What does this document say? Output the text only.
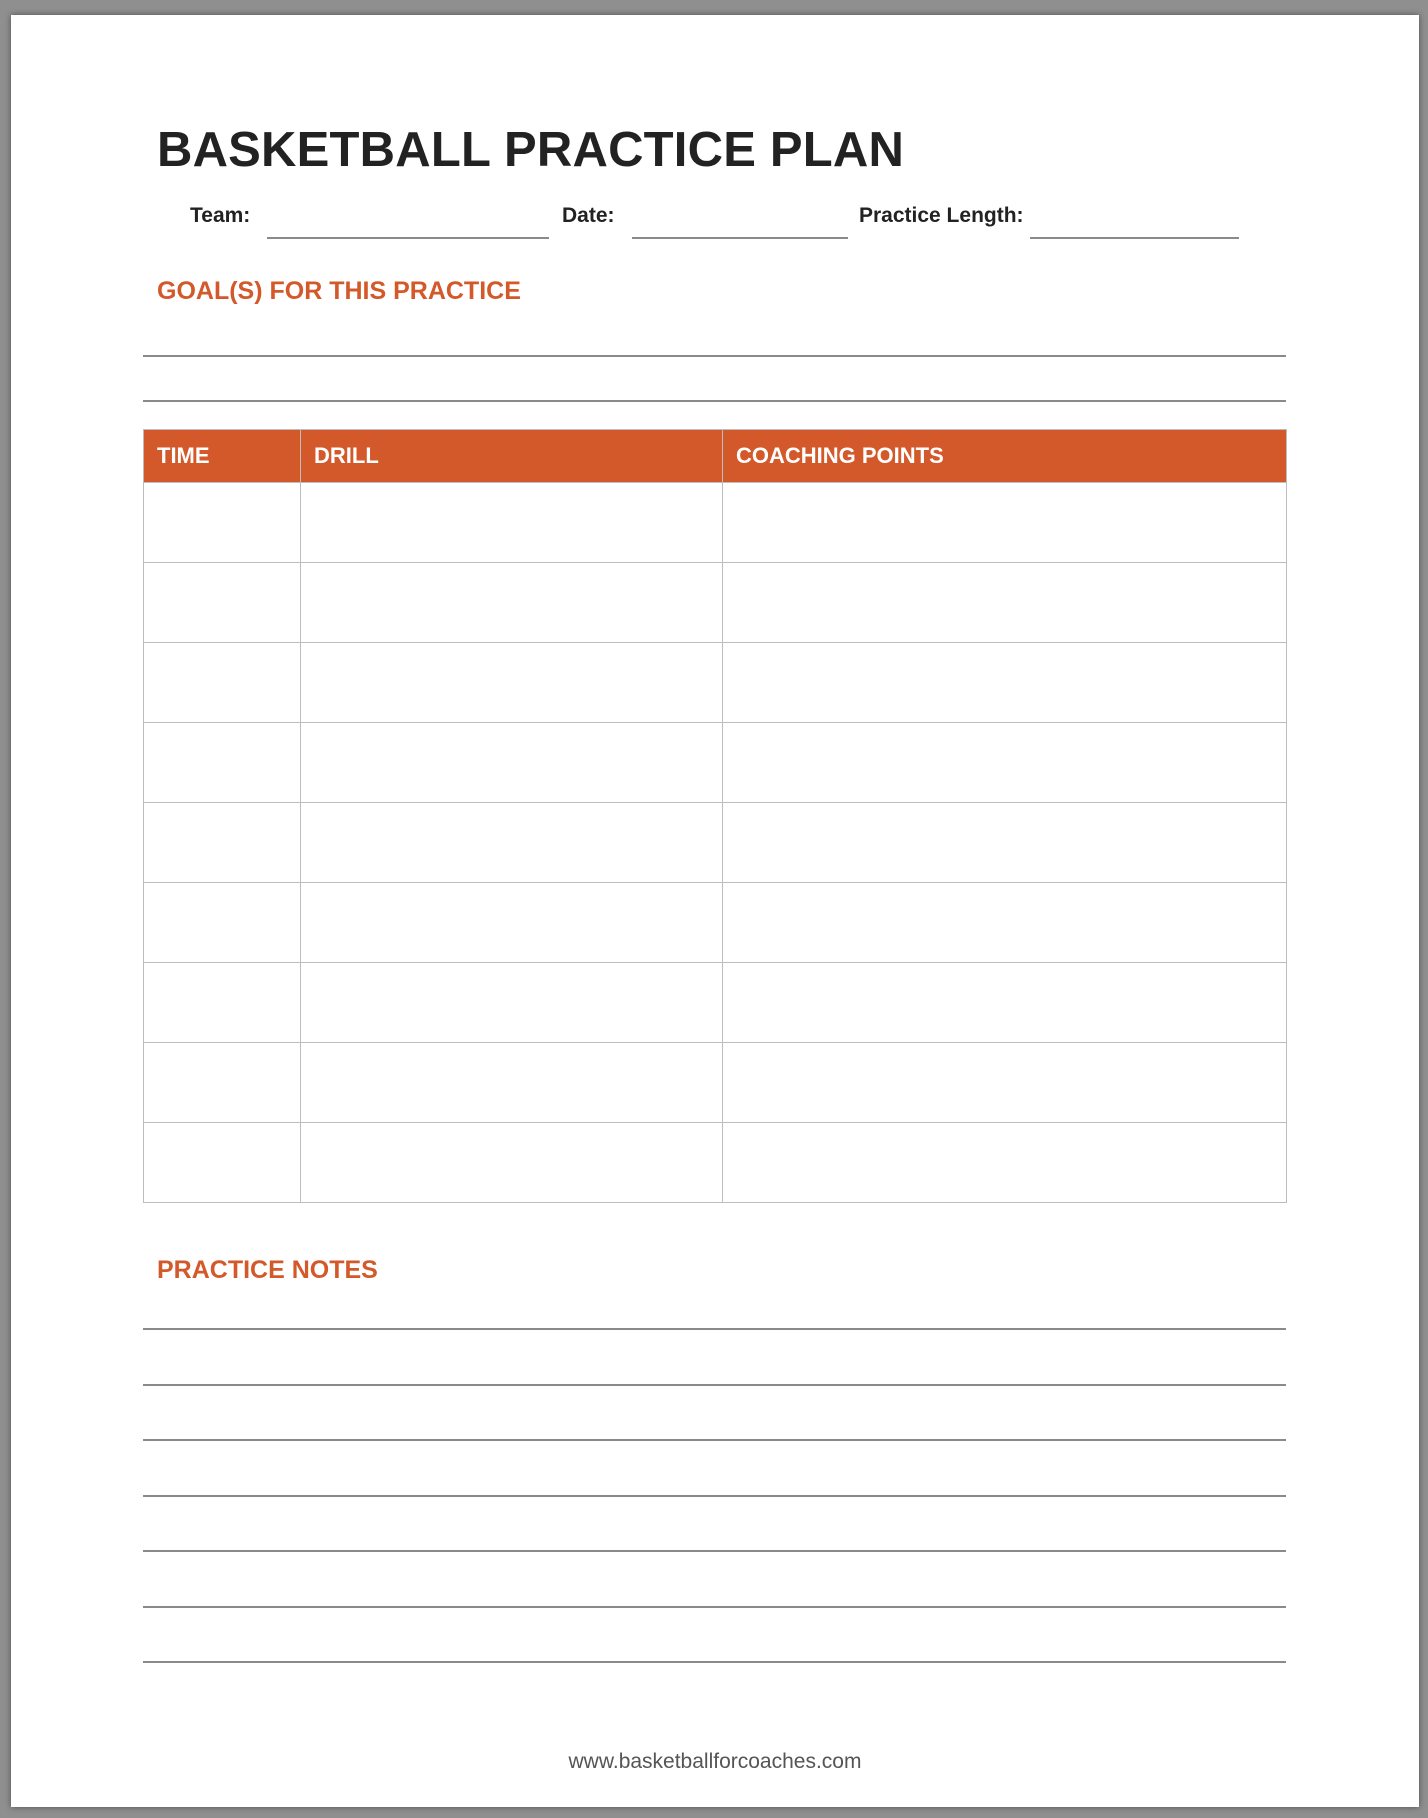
BASKETBALL PRACTICE PLAN
Team:	Date:	Practice Length:
GOAL(S) FOR THIS PRACTICE
TIME	DRILL	COACHING POINTS

PRACTICE NOTES
www.basketballforcoaches.com
